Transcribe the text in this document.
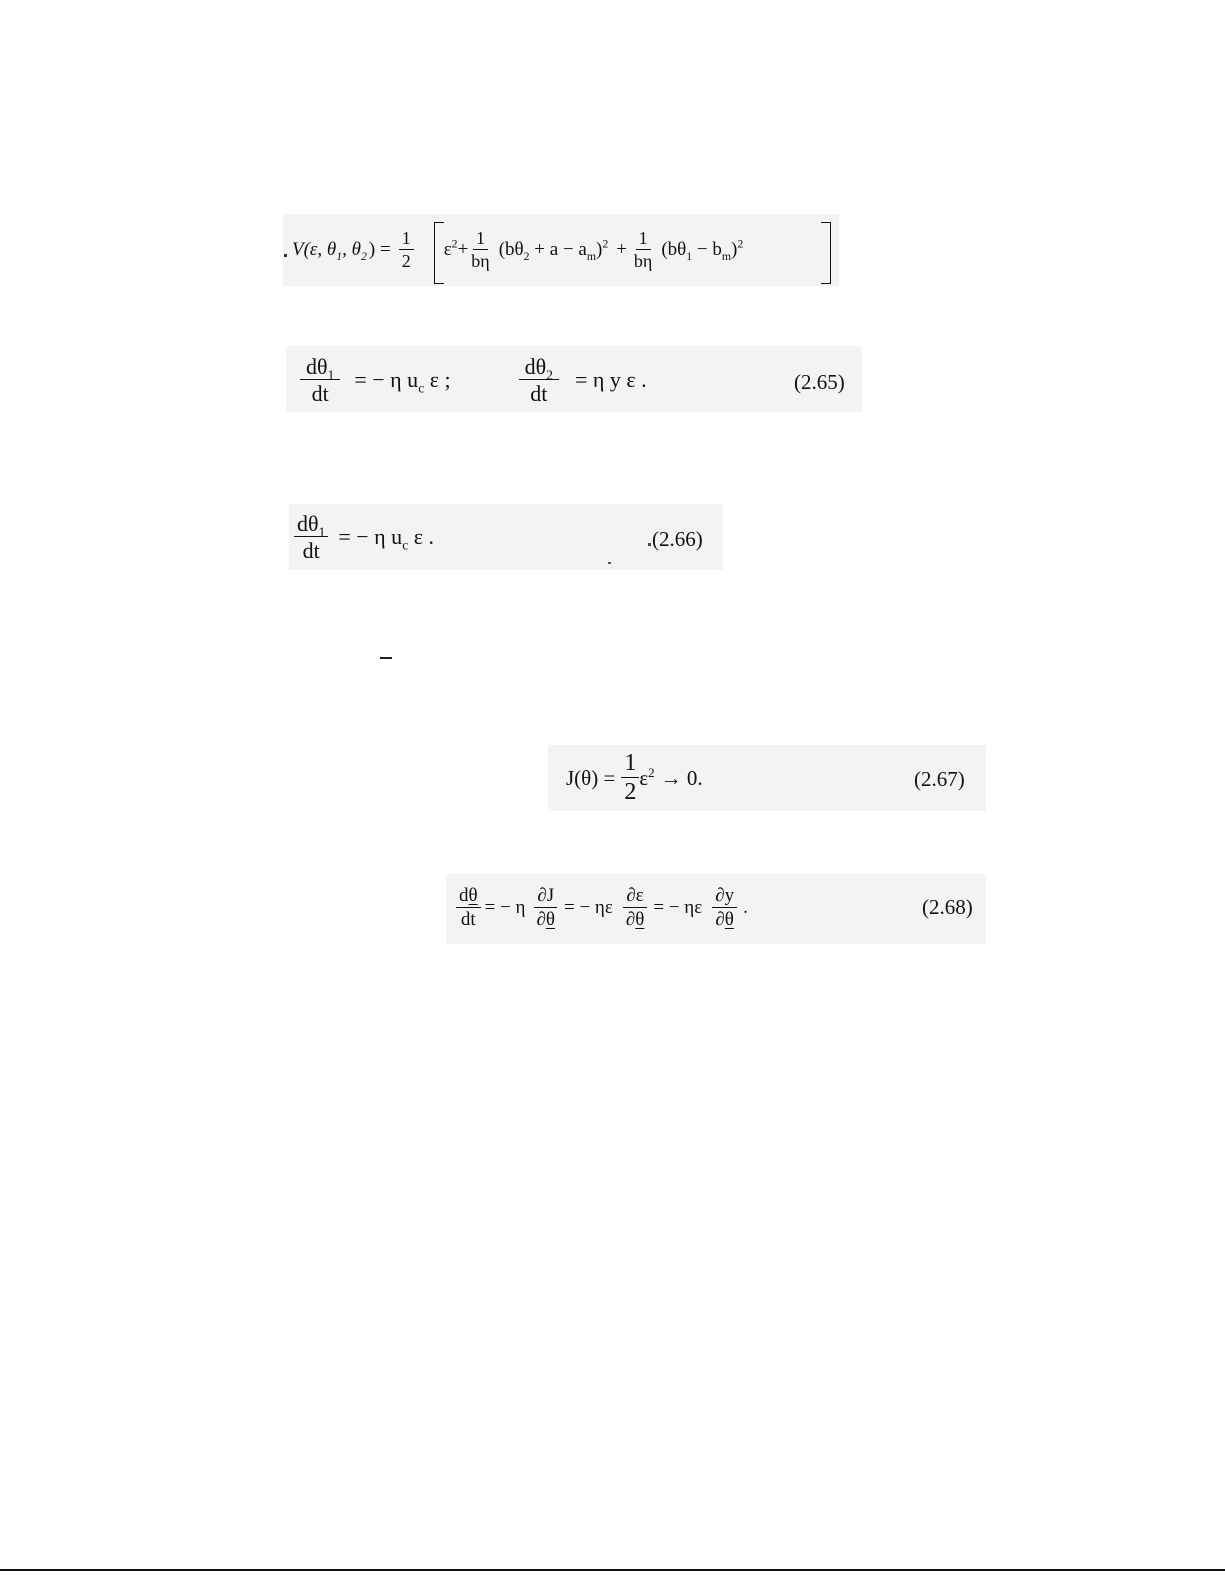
V(ε, $\theta_1$, $\theta_2$ ) = $\frac{1}{2} \varepsilon^2 + \frac{1}{b\eta} (b\theta_2 + a - a_m)^2 + \frac{1}{b\eta} (b\theta_1 - b_m)^2$
$\frac{d\theta_1}{dt}$ = − η $u_c$ ε ;	$\frac{d\theta_2}{dt} = \eta$ y ε .	(2.65)
$\frac{d\theta_1}{dt}$ = − η $u_c$ ε .	(2.66)
$J(\theta) = \frac{1}{2} \varepsilon^2 \to 0$.	(2.67)
$\frac{d\theta}{dt}$ = − η $\frac{\partial J}{\partial\theta}$ = − ηε $\frac{\partial\varepsilon}{\partial\theta}$ = − ηε $\frac{\partial y}{\partial\theta}$ .	(2.68)
